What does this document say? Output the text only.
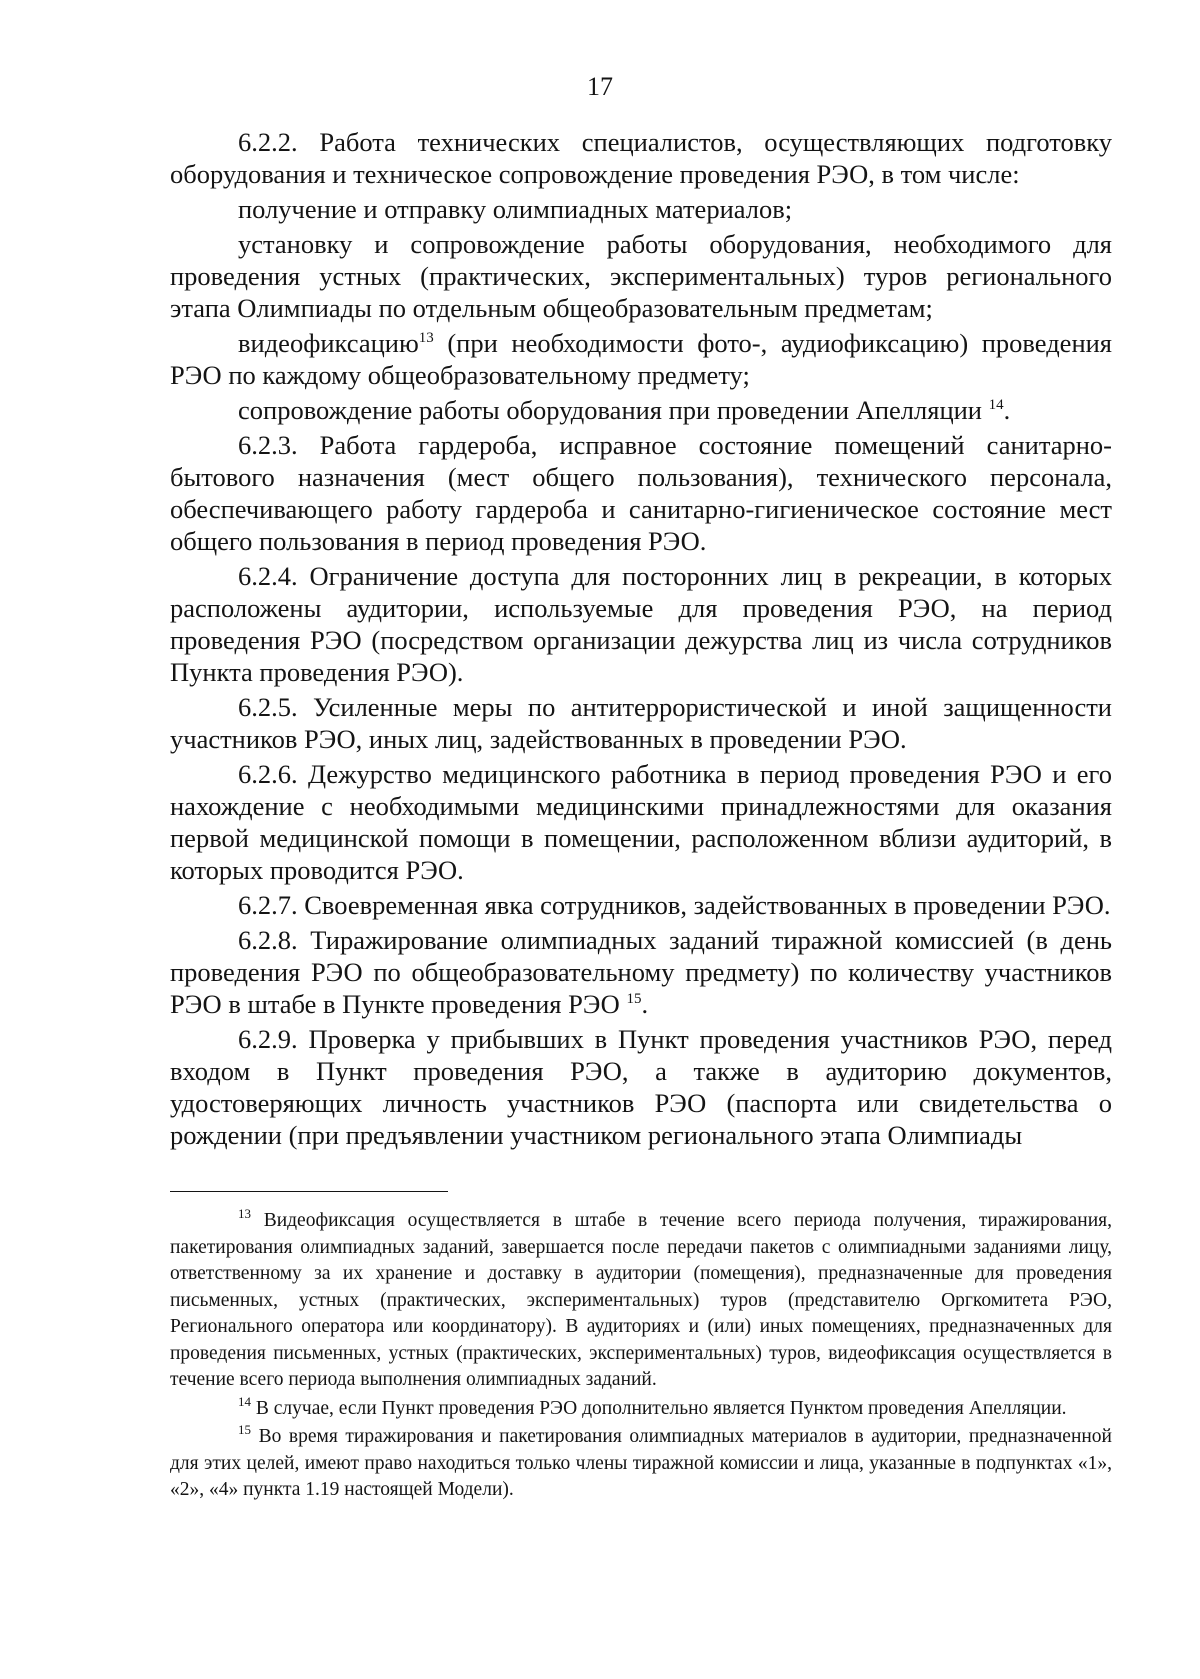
17

6.2.2. Работа технических специалистов, осуществляющих подготовку оборудования и техническое сопровождение проведения РЭО, в том числе:

получение и отправку олимпиадных материалов;

установку и сопровождение работы оборудования, необходимого для проведения устных (практических, экспериментальных) туров регионального этапа Олимпиады по отдельным общеобразовательным предметам;

видеофиксацию$^{13}$ (при необходимости фото-, аудиофиксацию) проведения РЭО по каждому общеобразовательному предмету;

сопровождение работы оборудования при проведении Апелляции $^{14}$.

6.2.3. Работа гардероба, исправное состояние помещений санитарно-бытового назначения (мест общего пользования), технического персонала, обеспечивающего работу гардероба и санитарно-гигиеническое состояние мест общего пользования в период проведения РЭО.

6.2.4. Ограничение доступа для посторонних лиц в рекреации, в которых расположены аудитории, используемые для проведения РЭО, на период проведения РЭО (посредством организации дежурства лиц из числа сотрудников Пункта проведения РЭО).

6.2.5. Усиленные меры по антитеррористической и иной защищенности участников РЭО, иных лиц, задействованных в проведении РЭО.

6.2.6. Дежурство медицинского работника в период проведения РЭО и его нахождение с необходимыми медицинскими принадлежностями для оказания первой медицинской помощи в помещении, расположенном вблизи аудиторий, в которых проводится РЭО.

6.2.7. Своевременная явка сотрудников, задействованных в проведении РЭО.

6.2.8. Тиражирование олимпиадных заданий тиражной комиссией (в день проведения РЭО по общеобразовательному предмету) по количеству участников РЭО в штабе в Пункте проведения РЭО $^{15}$.

6.2.9. Проверка у прибывших в Пункт проведения участников РЭО, перед входом в Пункт проведения РЭО, а также в аудиторию документов, удостоверяющих личность участников РЭО (паспорта или свидетельства о рождении (при предъявлении участником регионального этапа Олимпиады

$^{13}$ Видеофиксация осуществляется в штабе в течение всего периода получения, тиражирования, пакетирования олимпиадных заданий, завершается после передачи пакетов с олимпиадными заданиями лицу, ответственному за их хранение и доставку в аудитории (помещения), предназначенные для проведения письменных, устных (практических, экспериментальных) туров (представителю Оргкомитета РЭО, Регионального оператора или координатору). В аудиториях и (или) иных помещениях, предназначенных для проведения письменных, устных (практических, экспериментальных) туров, видеофиксация осуществляется в течение всего периода выполнения олимпиадных заданий.

$^{14}$ В случае, если Пункт проведения РЭО дополнительно является Пунктом проведения Апелляции.

$^{15}$ Во время тиражирования и пакетирования олимпиадных материалов в аудитории, предназначенной для этих целей, имеют право находиться только члены тиражной комиссии и лица, указанные в подпунктах «1», «2», «4» пункта 1.19 настоящей Модели).
